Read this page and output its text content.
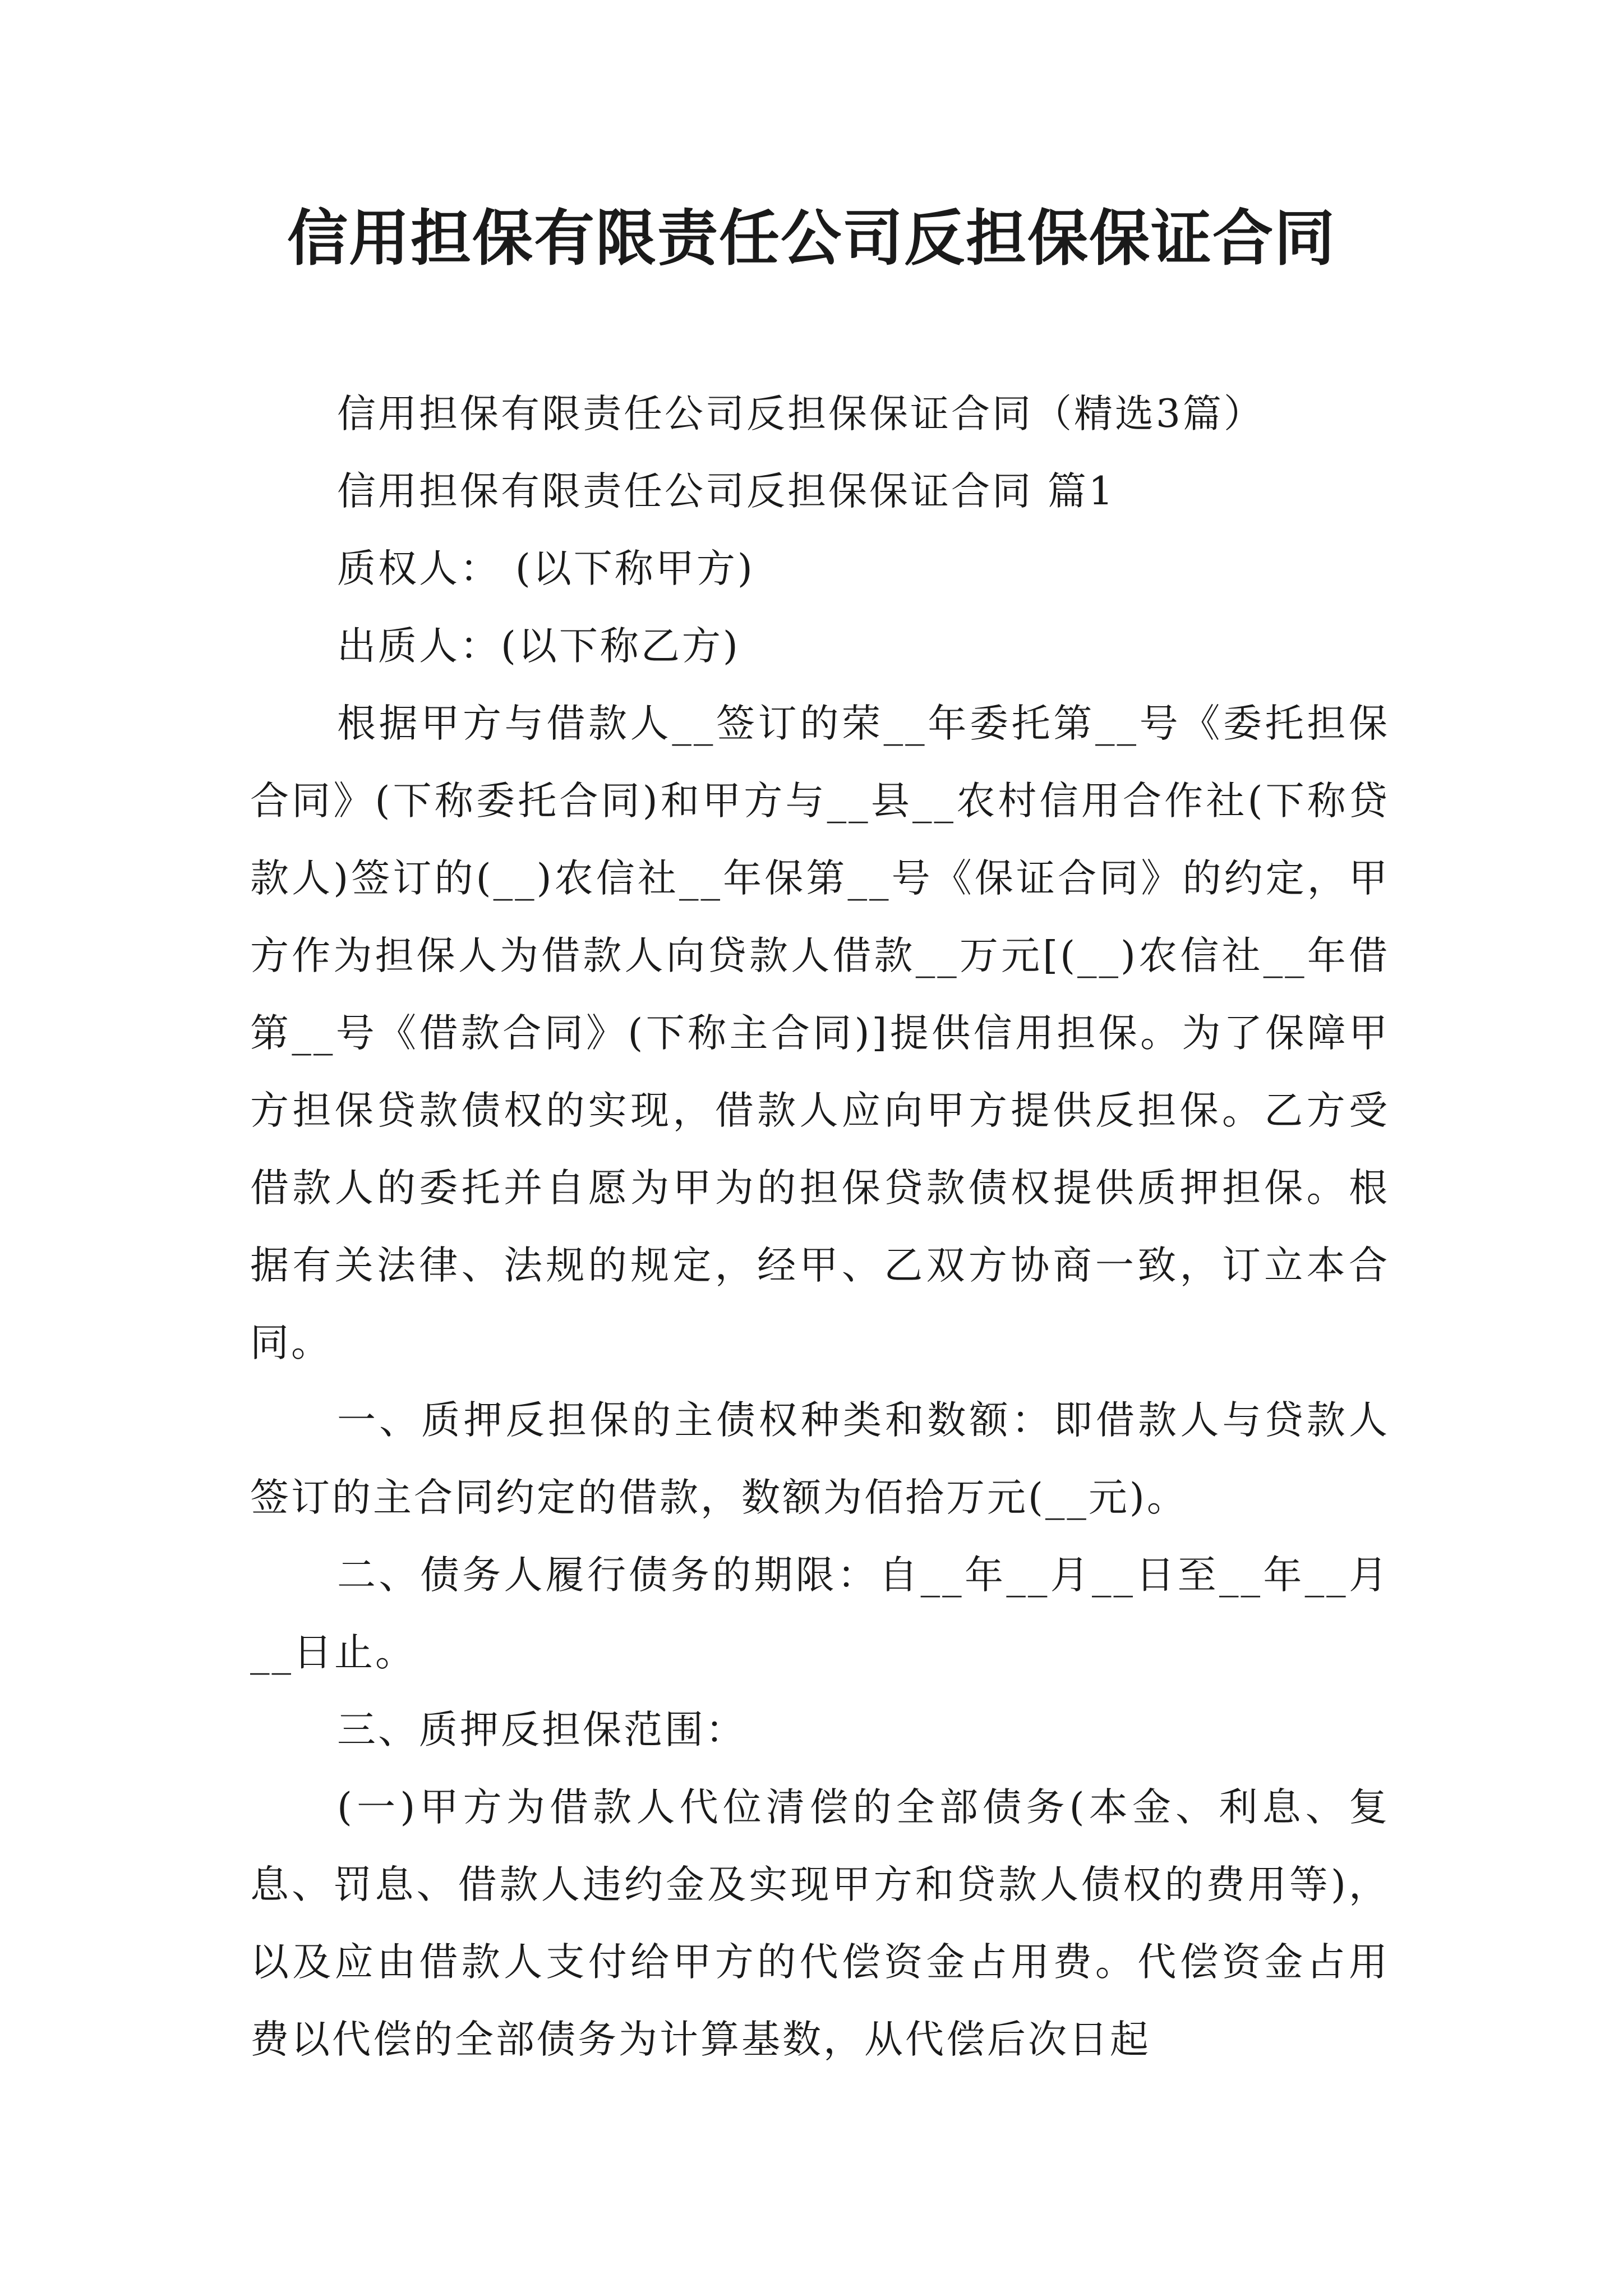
信用担保有限责任公司反担保保证合同

信用担保有限责任公司反担保保证合同（精选3篇）

信用担保有限责任公司反担保保证合同 篇1

质权人： (以下称甲方)

出质人：(以下称乙方)

根据甲方与借款人__签订的荣__年委托第__号《委托担保合同》(下称委托合同)和甲方与__县__农村信用合作社(下称贷款人)签订的(__)农信社__年保第__号《保证合同》的约定，甲方作为担保人为借款人向贷款人借款__万元[(__)农信社__年借第__号《借款合同》(下称主合同)]提供信用担保。为了保障甲方担保贷款债权的实现，借款人应向甲方提供反担保。乙方受借款人的委托并自愿为甲为的担保贷款债权提供质押担保。根据有关法律、法规的规定，经甲、乙双方协商一致，订立本合同。

一、质押反担保的主债权种类和数额：即借款人与贷款人签订的主合同约定的借款，数额为佰拾万元(__元)。

二、债务人履行债务的期限：自__年__月__日至__年__月__日止。

三、质押反担保范围：

(一)甲方为借款人代位清偿的全部债务(本金、利息、复息、罚息、借款人违约金及实现甲方和贷款人债权的费用等)，以及应由借款人支付给甲方的代偿资金占用费。代偿资金占用费以代偿的全部债务为计算基数，从代偿后次日起
